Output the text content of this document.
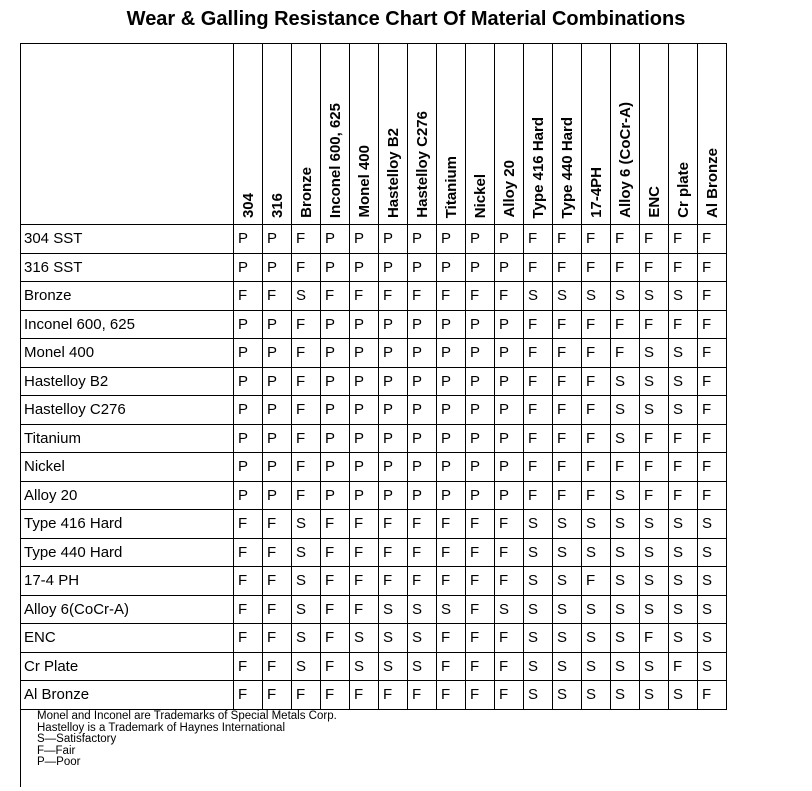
Wear & Galling Resistance Chart Of Material Combinations

	304	316	Bronze	Inconel 600, 625	Monel 400	Hastelloy B2	Hastelloy C276	Titanium	Nickel	Alloy 20	Type 416 Hard	Type 440 Hard	17-4PH	Alloy 6 (CoCr-A)	ENC	Cr plate	Al Bronze

304 SST	P	P	F	P	P	P	P	P	P	P	F	F	F	F	F	F	F
316 SST	P	P	F	P	P	P	P	P	P	P	F	F	F	F	F	F	F
Bronze	F	F	S	F	F	F	F	F	F	F	S	S	S	S	S	S	F
Inconel 600, 625	P	P	F	P	P	P	P	P	P	P	F	F	F	F	F	F	F
Monel 400	P	P	F	P	P	P	P	P	P	P	F	F	F	F	S	S	F
Hastelloy B2	P	P	F	P	P	P	P	P	P	P	F	F	F	S	S	S	F
Hastelloy C276	P	P	F	P	P	P	P	P	P	P	F	F	F	S	S	S	F
Titanium	P	P	F	P	P	P	P	P	P	P	F	F	F	S	F	F	F
Nickel	P	P	F	P	P	P	P	P	P	P	F	F	F	F	F	F	F
Alloy 20	P	P	F	P	P	P	P	P	P	P	F	F	F	S	F	F	F
Type 416 Hard	F	F	S	F	F	F	F	F	F	F	S	S	S	S	S	S	S
Type 440 Hard	F	F	S	F	F	F	F	F	F	F	S	S	S	S	S	S	S
17-4 PH	F	F	S	F	F	F	F	F	F	F	S	S	F	S	S	S	S
Alloy 6(CoCr-A)	F	F	S	F	F	S	S	S	F	S	S	S	S	S	S	S	S
ENC	F	F	S	F	S	S	S	F	F	F	S	S	S	S	F	S	S
Cr Plate	F	F	S	F	S	S	S	F	F	F	S	S	S	S	S	F	S
Al Bronze	F	F	F	F	F	F	F	F	F	F	S	S	S	S	S	S	F
Monel and Inconel are Trademarks of Special Metals Corp.
Hastelloy is a Trademark of Haynes International
S—Satisfactory
F—Fair
P—Poor
